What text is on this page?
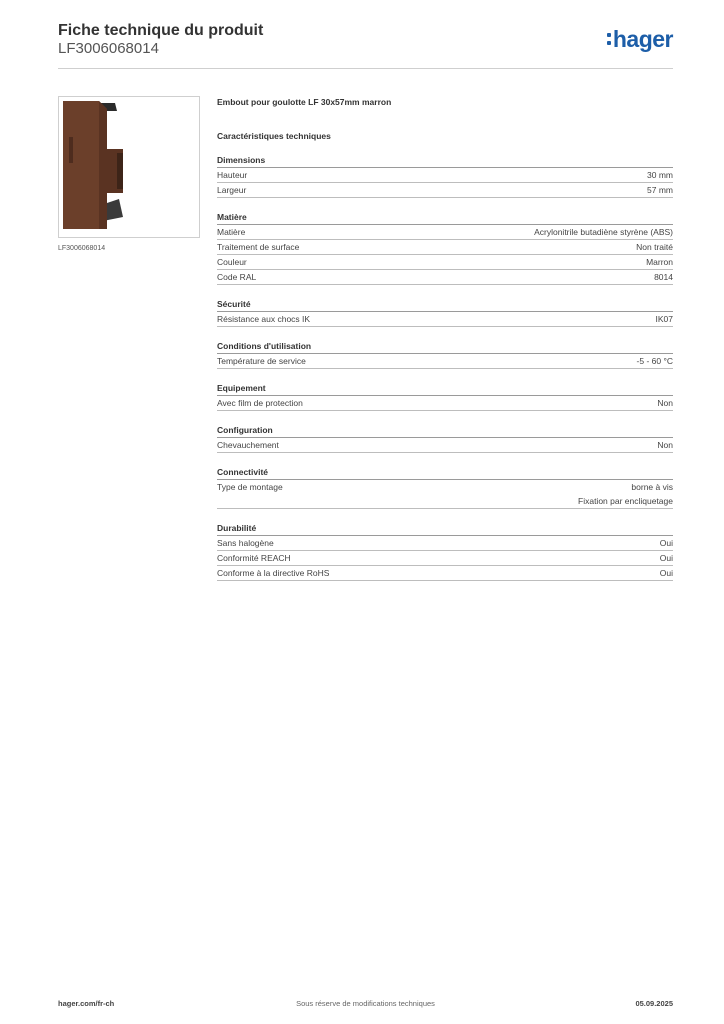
Fiche technique du produit
LF3006068014	hager
LF3006068014
Embout pour goulotte LF 30x57mm marron
Caractéristiques techniques
Dimensions
Hauteur	30 mm
Largeur	57 mm
Matière
Matière	Acrylonitrile butadiène styrène (ABS)
Traitement de surface	Non traité
Couleur	Marron
Code RAL	8014
Sécurité
Résistance aux chocs IK	IK07
Conditions d'utilisation
Température de service	-5 - 60 °C
Equipement
Avec film de protection	Non
Configuration
Chevauchement	Non
Connectivité
Type de montage	borne à vis
Fixation par encliquetage
Durabilité
Sans halogène	Oui
Conformité REACH	Oui
Conforme à la directive RoHS	Oui
hager.com/fr-ch	Sous réserve de modifications techniques	05.09.2025
